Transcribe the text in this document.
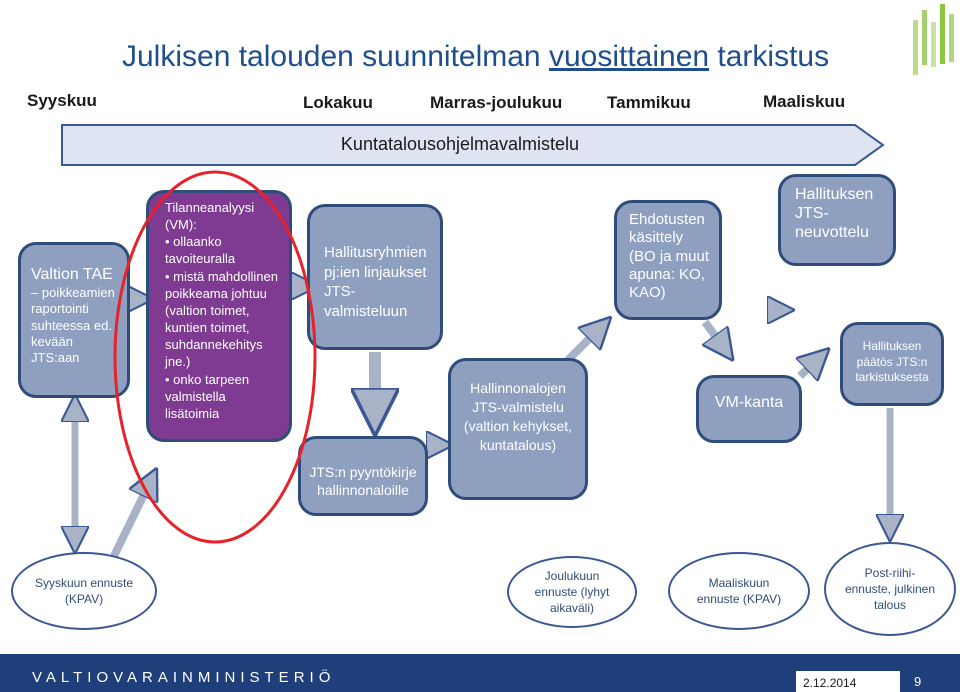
Julkisen talouden suunnitelman vuosittainen tarkistus
Syyskuu	Lokakuu	Marras-joulukuu	Tammikuu	Maaliskuu
Kuntatalousohjelmavalmistelu
Valtion TAE
– poikkeamien raportointi suhteessa ed. kevään JTS:aan
Tilanneanalyysi (VM):
• ollaanko tavoiteuralla
• mistä mahdollinen poikkeama johtuu (valtion toimet, kuntien toimet, suhdannekehitys jne.)
• onko tarpeen valmistella lisätoimia
Hallitusryhmien pj:ien linjaukset JTS-valmisteluun
JTS:n pyyntökirje hallinnonaloille
Hallinnonalojen JTS-valmistelu (valtion kehykset, kuntatalous)
Ehdotusten käsittely (BO ja muut apuna: KO, KAO)
VM-kanta
Hallituksen JTS-neuvottelu
Hallituksen päätös JTS:n tarkistuksesta
Syyskuun ennuste (KPAV)
Joulukuun ennuste (lyhyt aikaväli)
Maaliskuun ennuste (KPAV)
Post-riihi-ennuste, julkinen talous
VALTIOVARAINMINISTERIÖ	2.12.2014	9
